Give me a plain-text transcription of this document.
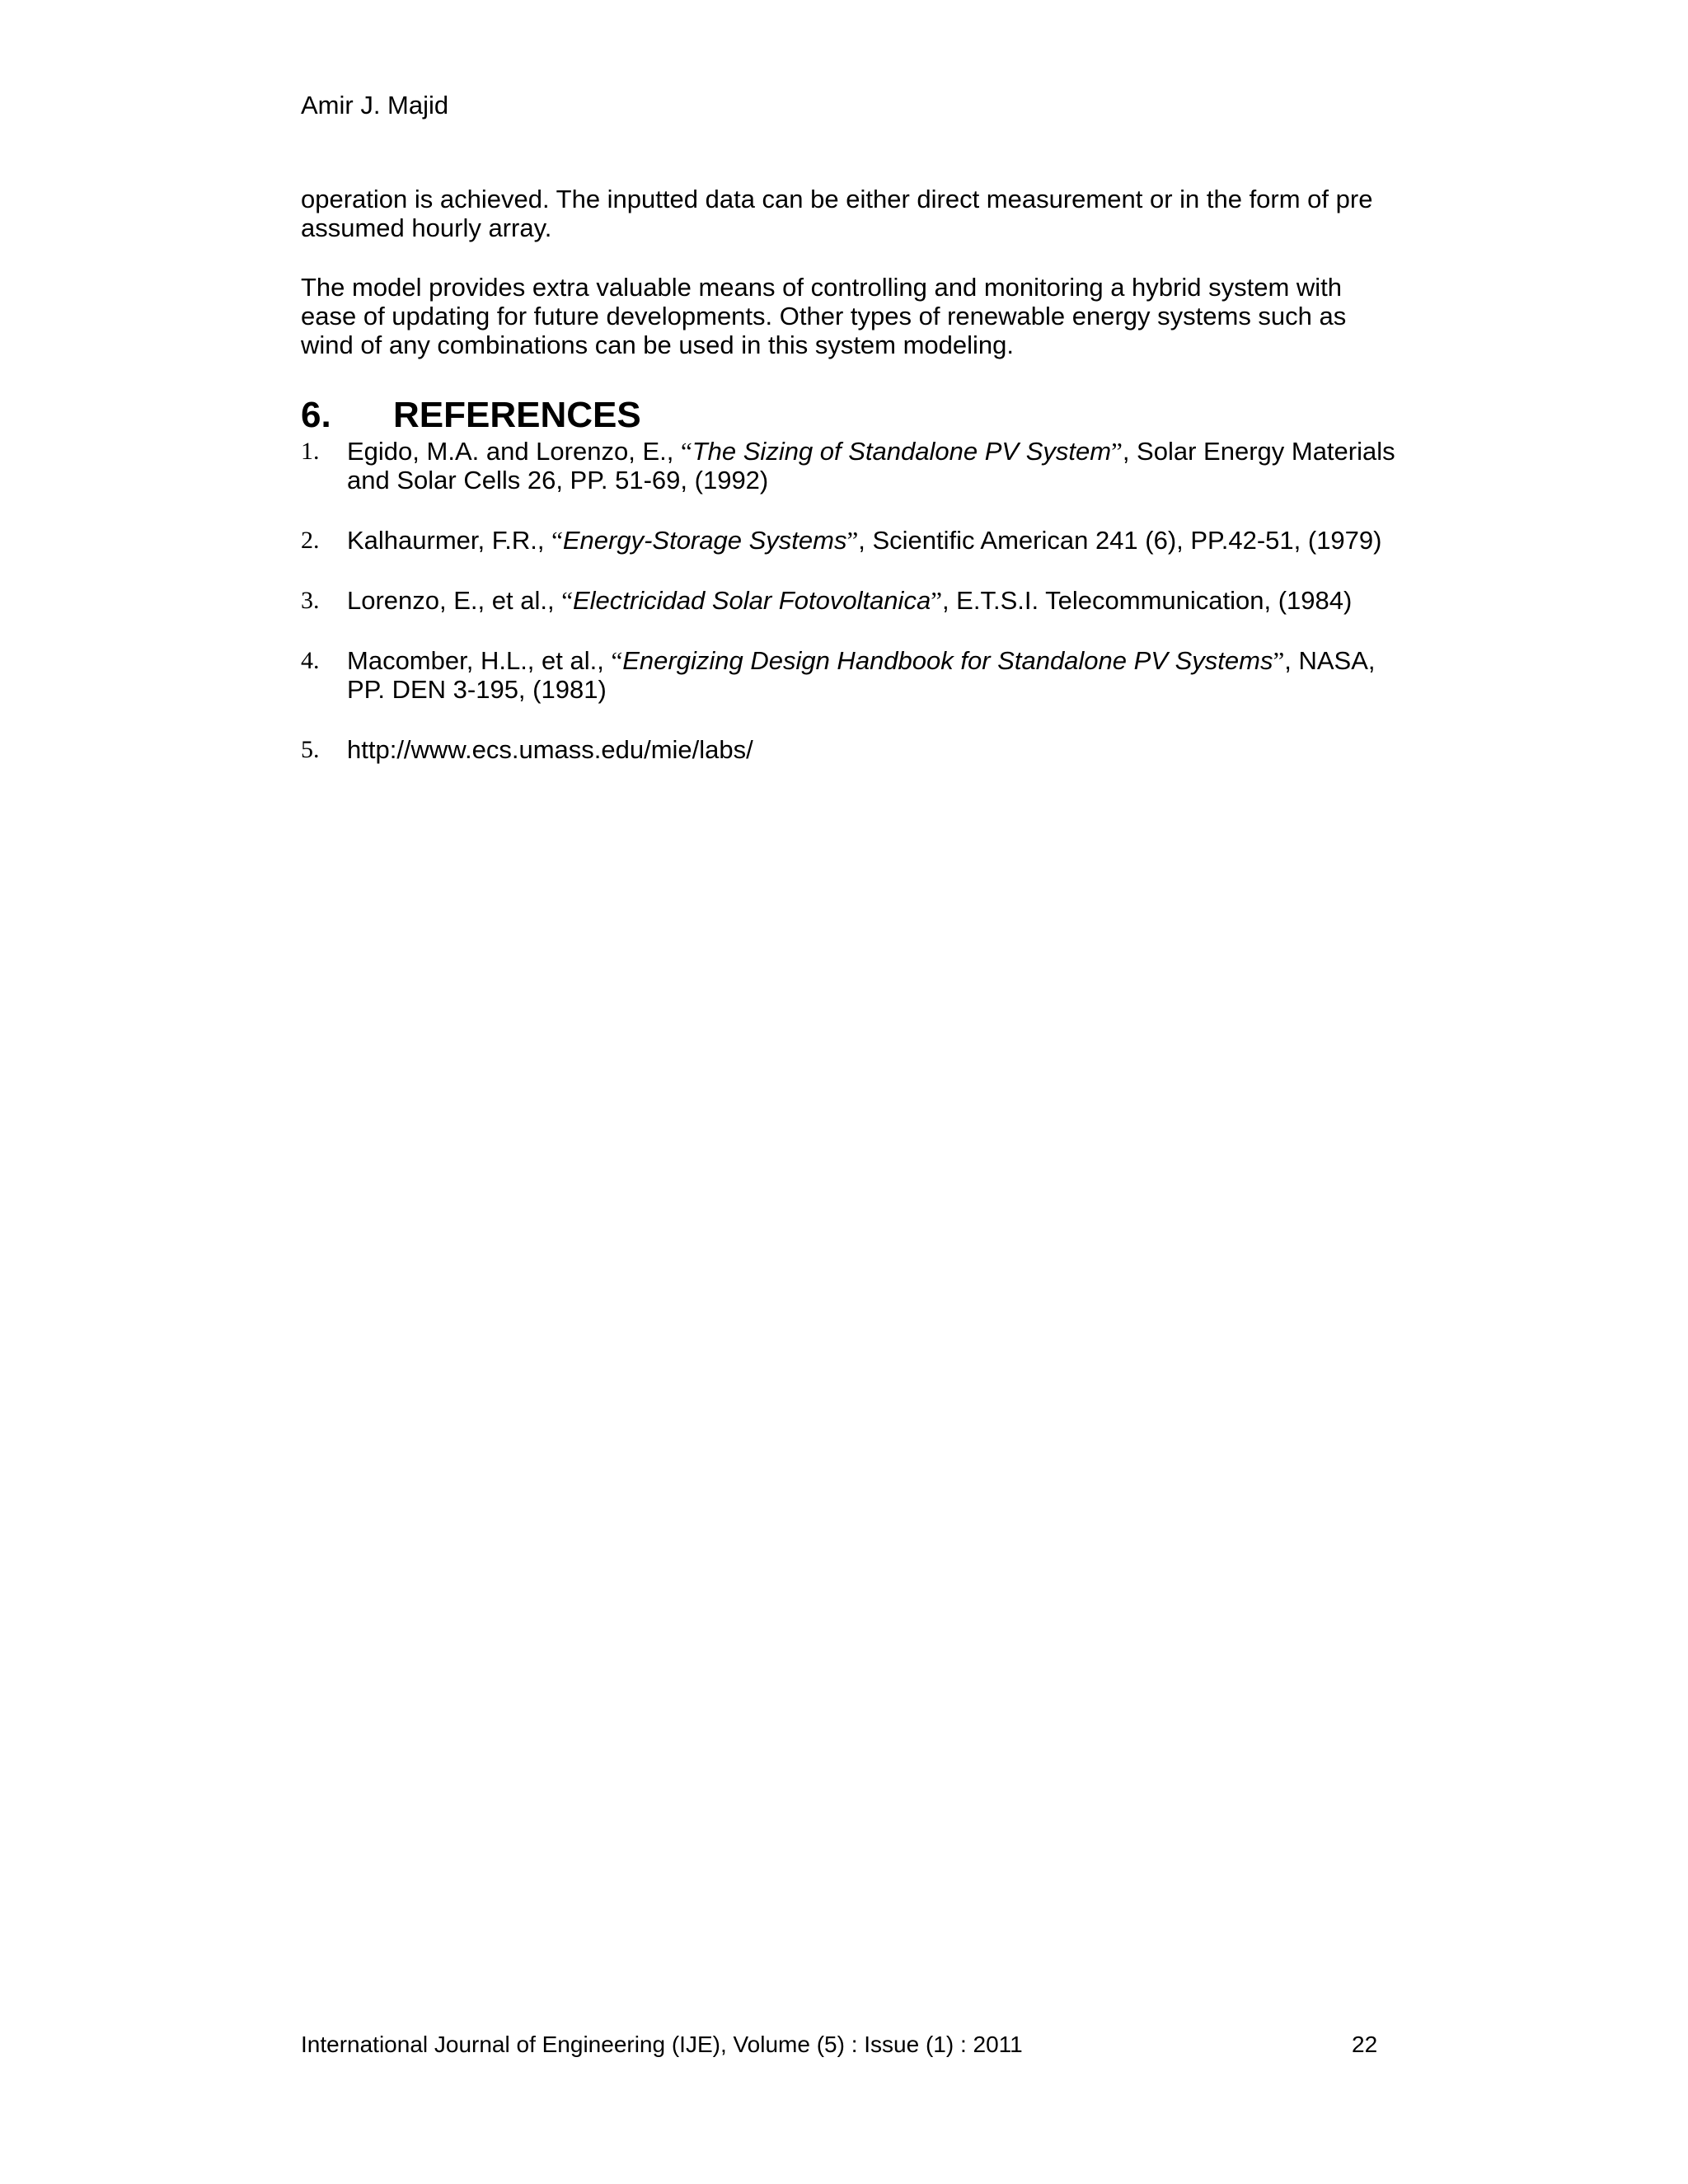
Amir J. Majid

operation is achieved. The inputted data can be either direct measurement or in the form of pre assumed hourly array.

The model provides extra valuable means of controlling and monitoring a hybrid system with ease of updating for future developments. Other types of renewable energy systems such as wind of any combinations can be used in this system modeling.

6. REFERENCES
1. Egido, M.A. and Lorenzo, E., “The Sizing of Standalone PV System”, Solar Energy Materials and Solar Cells 26, PP. 51-69, (1992)
2. Kalhaurmer, F.R., “Energy-Storage Systems”, Scientific American 241 (6), PP.42-51, (1979)
3. Lorenzo, E., et al., “Electricidad Solar Fotovoltanica”, E.T.S.I. Telecommunication, (1984)
4. Macomber, H.L., et al., “Energizing Design Handbook for Standalone PV Systems”, NASA, PP. DEN 3-195, (1981)
5. http://www.ecs.umass.edu/mie/labs/
International Journal of Engineering (IJE), Volume (5) : Issue (1) : 2011	22
